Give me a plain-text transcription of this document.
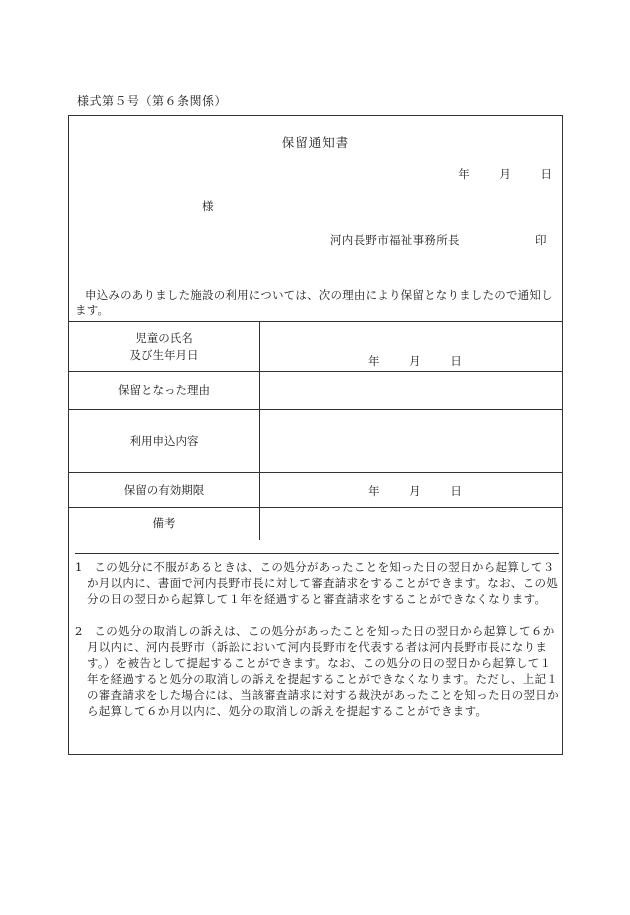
様式第５号（第６条関係）
保留通知書
年	月	日
様
河内長野市福祉事務所長	印
申込みのありました施設の利用については、次の理由により保留となりましたので通知します。
児童の氏名
及び生年月日	年 月 日

保留となった理由	
利用申込内容	
保留の有効期限	年 月 日

備考	
1　この処分に不服があるときは、この処分があったことを知った日の翌日から起算して３か月以内に、書面で河内長野市長に対して審査請求をすることができます。なお、この処分の日の翌日から起算して１年を経過すると審査請求をすることができなくなります。
2　この処分の取消しの訴えは、この処分があったことを知った日の翌日から起算して６か月以内に、河内長野市（訴訟において河内長野市を代表する者は河内長野市長になります。）を被告として提起することができます。なお、この処分の日の翌日から起算して１年を経過すると処分の取消しの訴えを提起することができなくなります。ただし、上記１の審査請求をした場合には、当該審査請求に対する裁決があったことを知った日の翌日から起算して６か月以内に、処分の取消しの訴えを提起することができます。
